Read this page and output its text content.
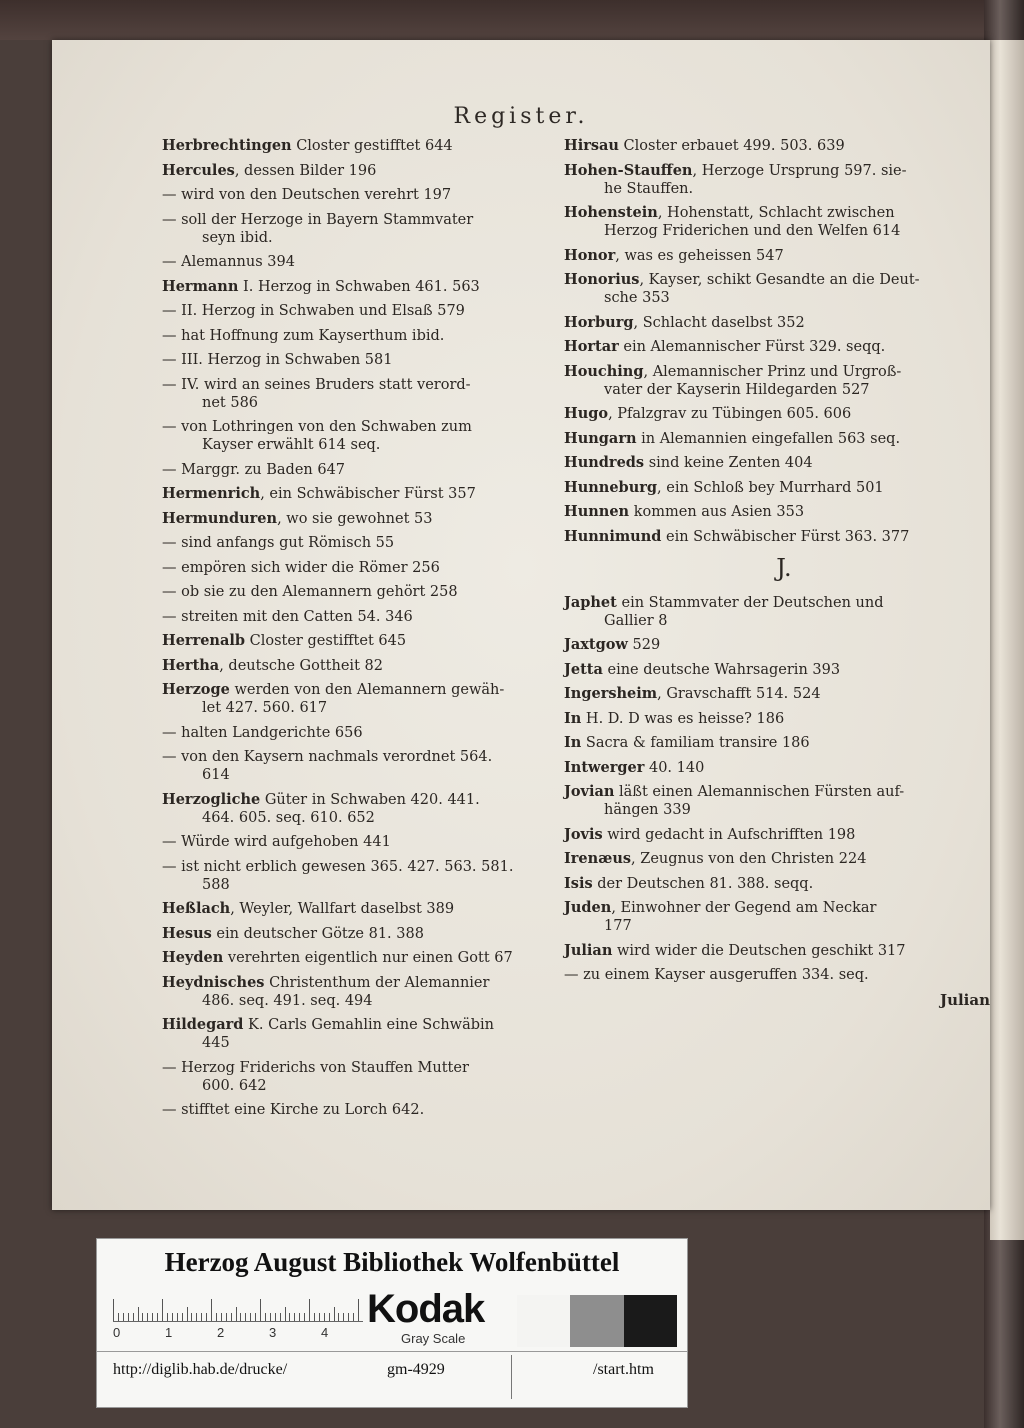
Register.
Herbrechtingen Closter gestifftet 644
Hercules, dessen Bilder 196
— wird von den Deutschen verehrt 197
— soll der Herzoge in Bayern Stammvater
seyn ibid.
— Alemannus 394
Hermann I. Herzog in Schwaben 461. 563
— II. Herzog in Schwaben und Elsaß 579
— hat Hoffnung zum Kayserthum ibid.
— III. Herzog in Schwaben 581
— IV. wird an seines Bruders statt verord-
net 586
— von Lothringen von den Schwaben zum
Kayser erwählt 614 seq.
— Marggr. zu Baden 647
Hermenrich, ein Schwäbischer Fürst 357
Hermunduren, wo sie gewohnet 53
— sind anfangs gut Römisch 55
— empören sich wider die Römer 256
— ob sie zu den Alemannern gehört 258
— streiten mit den Catten 54. 346
Herrenalb Closter gestifftet 645
Hertha, deutsche Gottheit 82
Herzoge werden von den Alemannern gewäh-
let 427. 560. 617
— halten Landgerichte 656
— von den Kaysern nachmals verordnet 564.
614
Herzogliche Güter in Schwaben 420. 441.
464. 605. seq. 610. 652
— Würde wird aufgehoben 441
— ist nicht erblich gewesen 365. 427. 563. 581.
588
Heßlach, Weyler, Wallfart daselbst 389
Hesus ein deutscher Götze 81. 388
Heyden verehrten eigentlich nur einen Gott 67
Heydnisches Christenthum der Alemannier
486. seq. 491. seq. 494
Hildegard K. Carls Gemahlin eine Schwäbin
445
— Herzog Friderichs von Stauffen Mutter
600. 642
— stifftet eine Kirche zu Lorch 642.
Hirsau Closter erbauet 499. 503. 639
Hohen-Stauffen, Herzoge Ursprung 597. sie-
he Stauffen.
Hohenstein, Hohenstatt, Schlacht zwischen
Herzog Friderichen und den Welfen 614
Honor, was es geheissen 547
Honorius, Kayser, schikt Gesandte an die Deut-
sche 353
Horburg, Schlacht daselbst 352
Hortar ein Alemannischer Fürst 329. seqq.
Houching, Alemannischer Prinz und Urgroß-
vater der Kayserin Hildegarden 527
Hugo, Pfalzgrav zu Tübingen 605. 606
Hungarn in Alemannien eingefallen 563 seq.
Hundreds sind keine Zenten 404
Hunneburg, ein Schloß bey Murrhard 501
Hunnen kommen aus Asien 353
Hunnimund ein Schwäbischer Fürst 363. 377
J.
Japhet ein Stammvater der Deutschen und
Gallier 8
Jaxtgow 529
Jetta eine deutsche Wahrsagerin 393
Ingersheim, Gravschafft 514. 524
In H. D. D was es heisse? 186
In Sacra & familiam transire 186
Intwerger 40. 140
Jovian läßt einen Alemannischen Fürsten auf-
hängen 339
Jovis wird gedacht in Aufschrifften 198
Irenæus, Zeugnus von den Christen 224
Isis der Deutschen 81. 388. seqq.
Juden, Einwohner der Gegend am Neckar
177
Julian wird wider die Deutschen geschikt 317
— zu einem Kayser ausgeruffen 334. seq.
Julian
Herzog August Bibliothek Wolfenbüttel
0	1	2	3	4
Kodak
Gray Scale
http://diglib.hab.de/drucke/	gm-4929	/start.htm
